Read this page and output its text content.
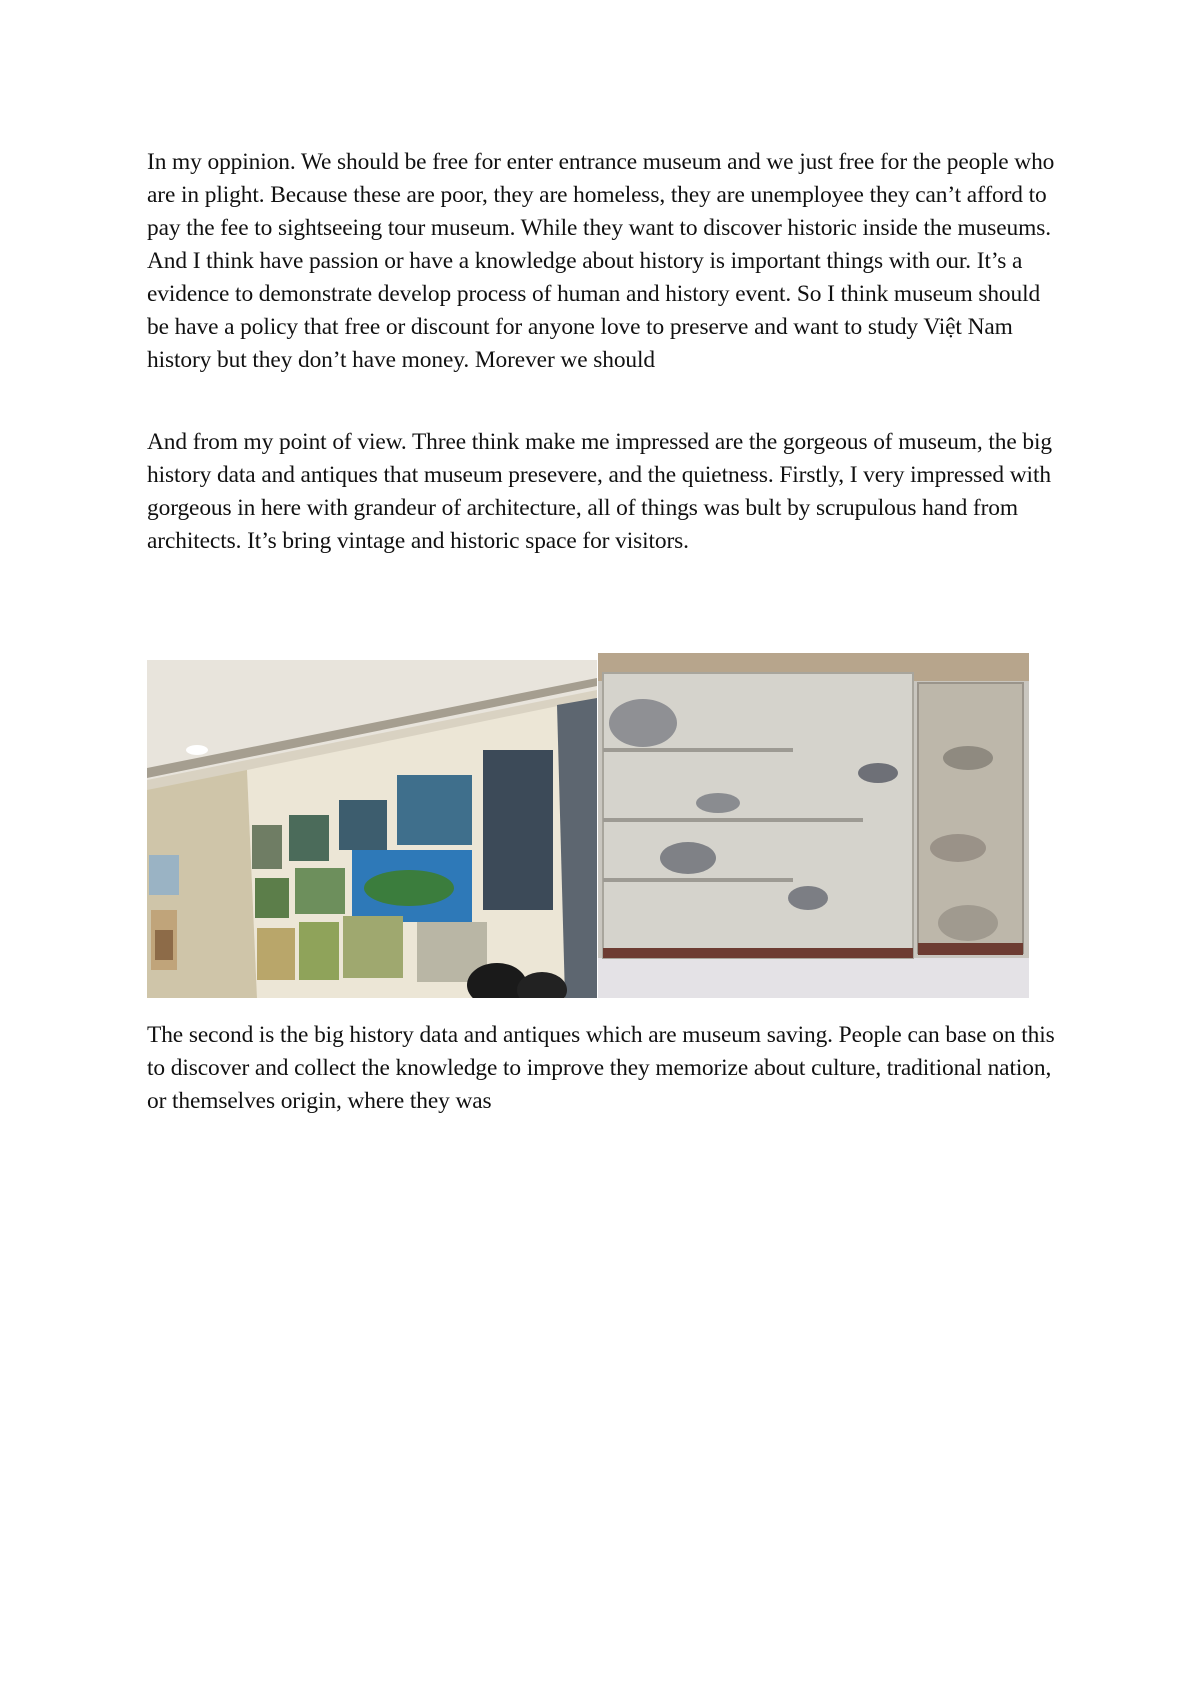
In my oppinion. We should be free for enter entrance museum and we just free for the people who are in plight. Because these are poor, they are homeless, they are unemployee they can’t afford to pay the fee to sightseeing tour museum. While they want to discover historic inside the museums. And I think have passion or have a knowledge about history is important things with our. It’s a evidence to demonstrate develop process of human and history event. So I think museum should be have a policy that free or discount for anyone love to preserve and want to study Việt Nam history but they don’t have money. Morever we should

And from my point of view. Three think make me impressed are the gorgeous of museum, the big history data and antiques that museum presevere, and the quietness. Firstly, I very impressed with gorgeous in here with grandeur of architecture, all of things was bult by scrupulous hand from architects. It’s bring vintage and historic space for visitors.

The second is the big history data and antiques which are museum saving. People can base on this to discover and collect the knowledge to improve they memorize about culture, traditional nation, or themselves origin, where they was
